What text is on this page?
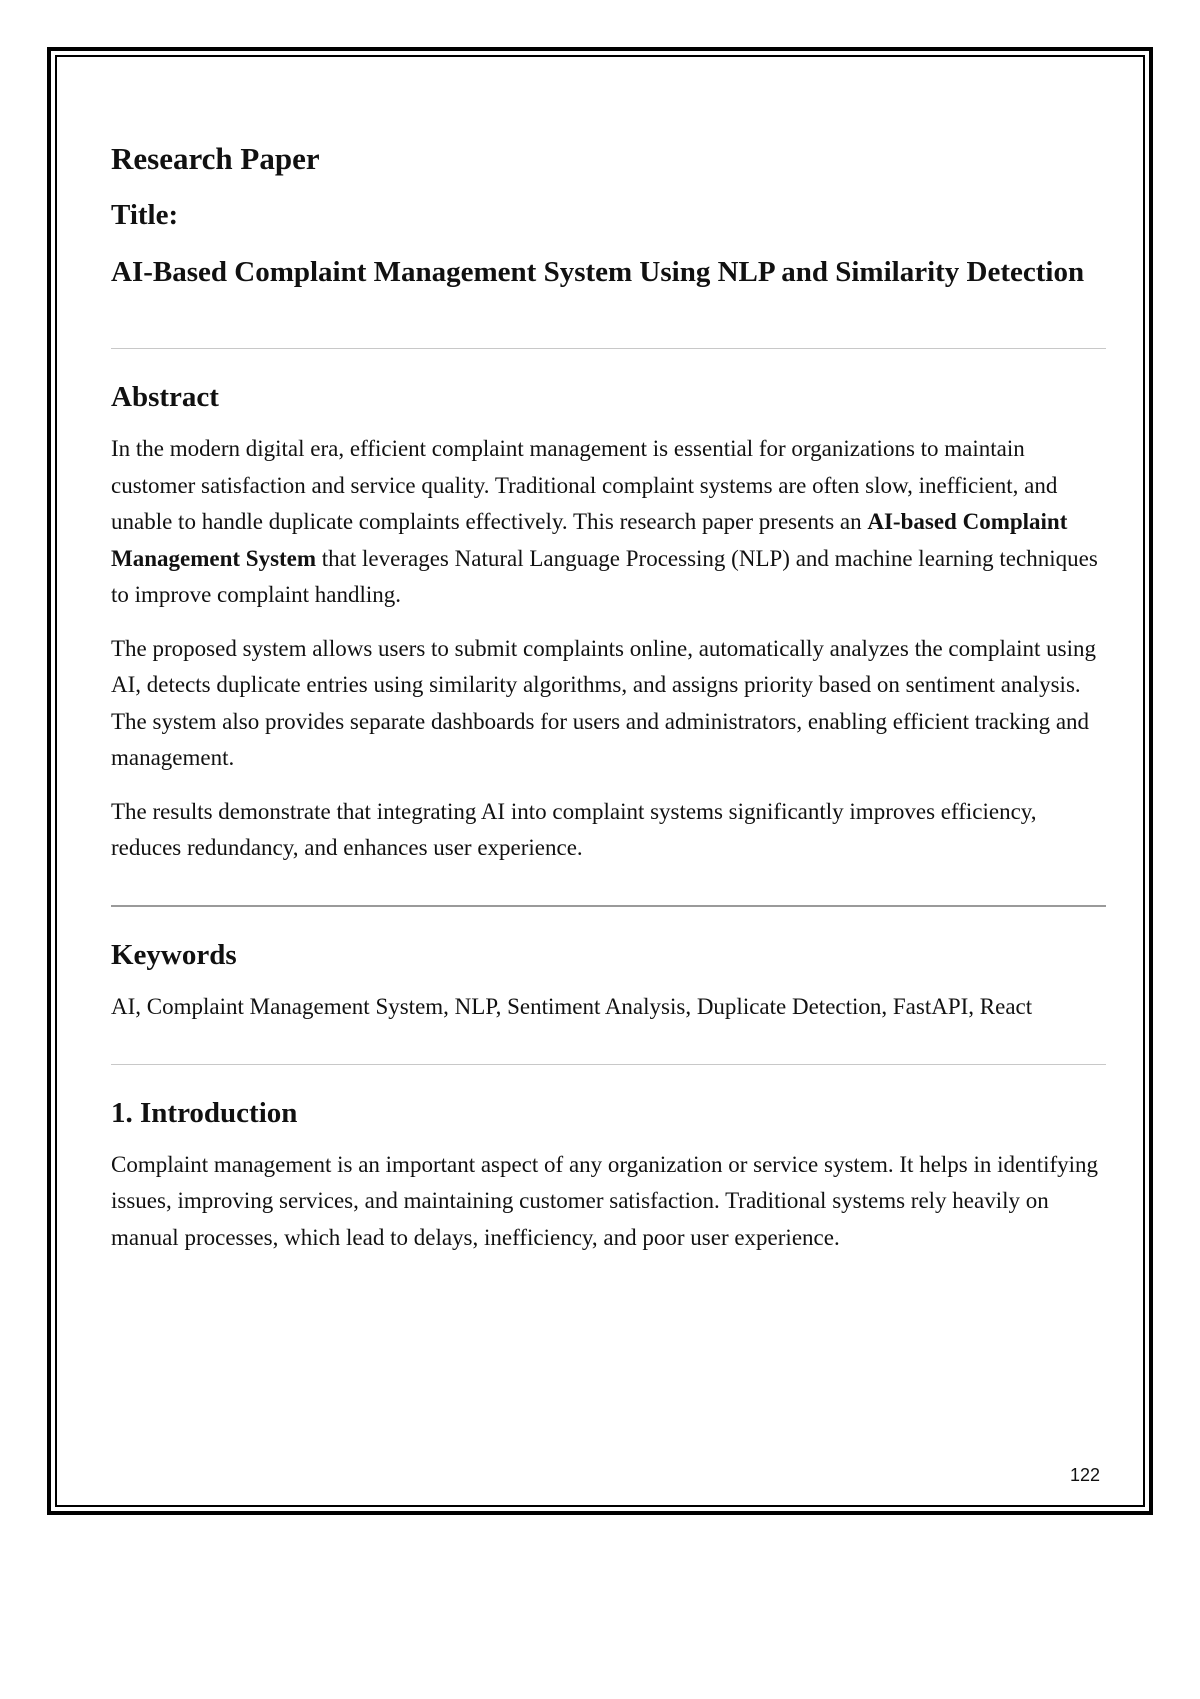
Research Paper
Title:
AI-Based Complaint Management System Using NLP and Similarity Detection
Abstract

In the modern digital era, efficient complaint management is essential for organizations to maintain customer satisfaction and service quality. Traditional complaint systems are often slow, inefficient, and unable to handle duplicate complaints effectively. This research paper presents an AI-based Complaint Management System that leverages Natural Language Processing (NLP) and machine learning techniques to improve complaint handling.

The proposed system allows users to submit complaints online, automatically analyzes the complaint using AI, detects duplicate entries using similarity algorithms, and assigns priority based on sentiment analysis. The system also provides separate dashboards for users and administrators, enabling efficient tracking and management.

The results demonstrate that integrating AI into complaint systems significantly improves efficiency, reduces redundancy, and enhances user experience.

Keywords

AI, Complaint Management System, NLP, Sentiment Analysis, Duplicate Detection, FastAPI, React

1. Introduction

Complaint management is an important aspect of any organization or service system. It helps in identifying issues, improving services, and maintaining customer satisfaction. Traditional systems rely heavily on manual processes, which lead to delays, inefficiency, and poor user experience.

122
